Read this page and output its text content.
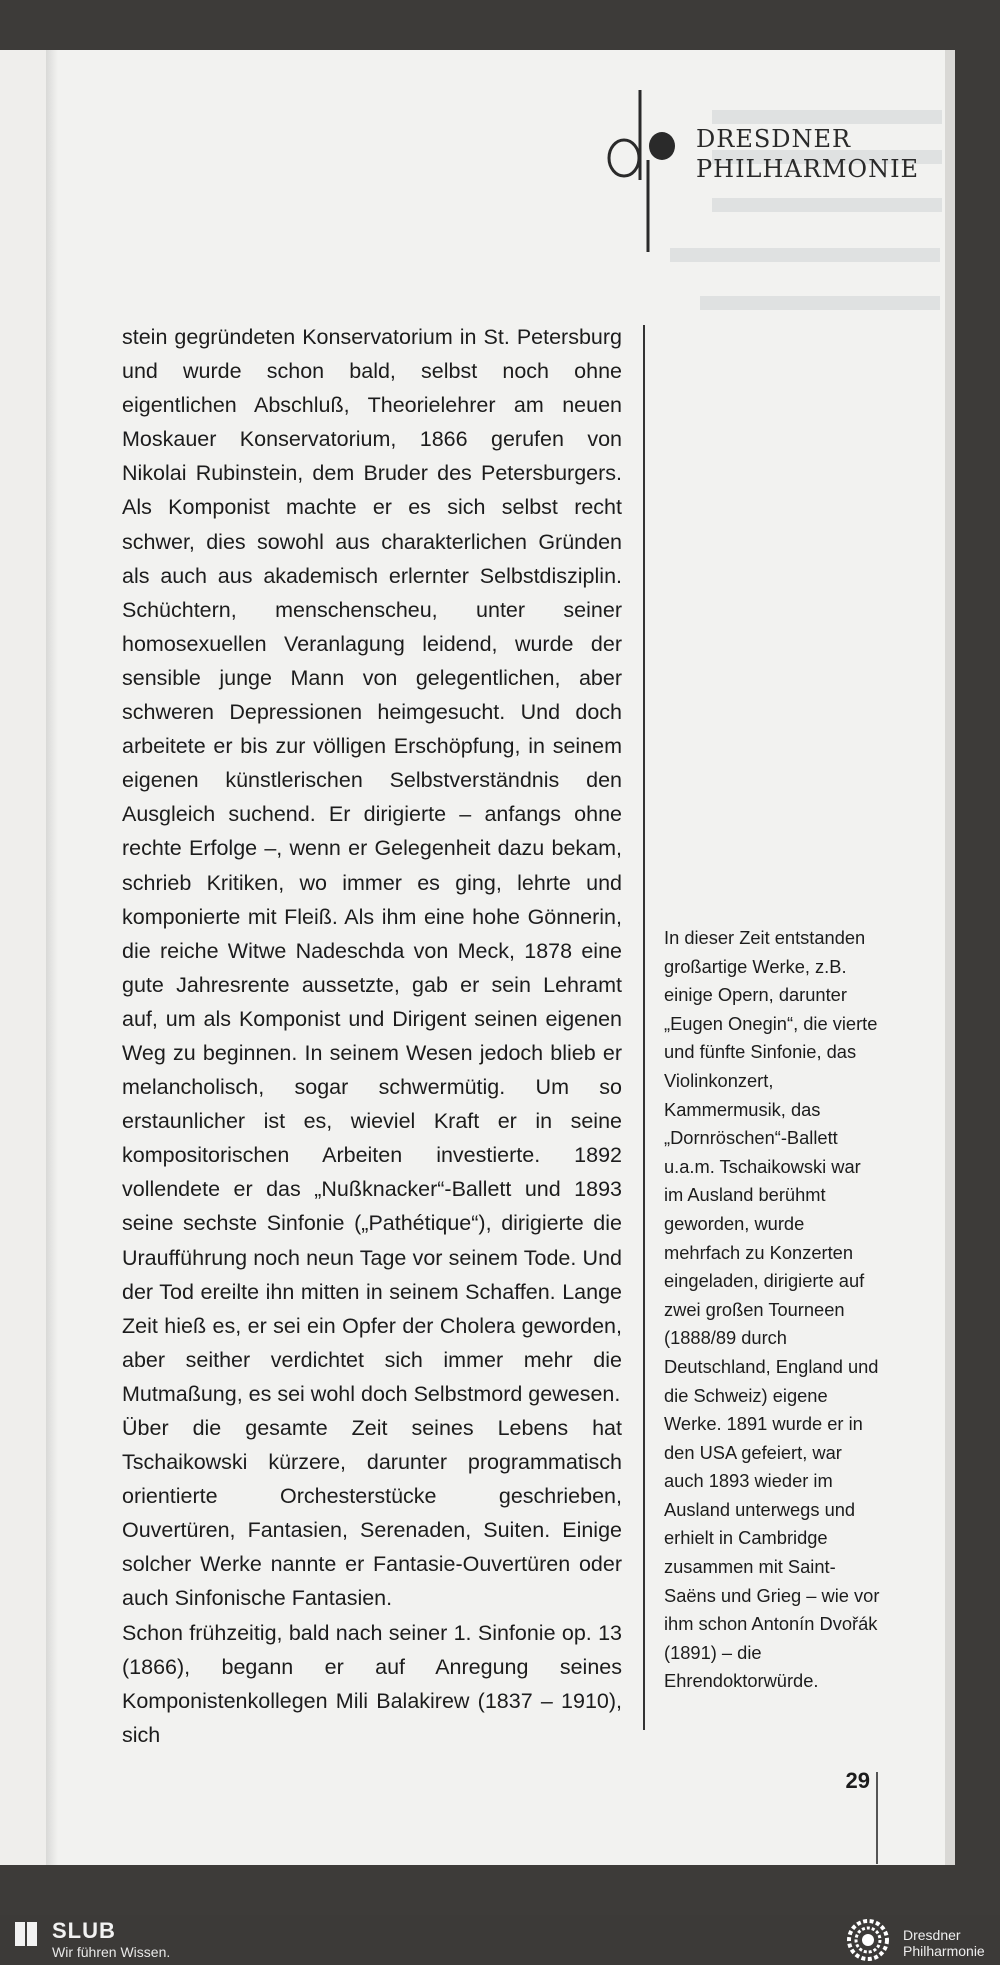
DRESDNER
PHILHARMONIE

stein gegründeten Konservatorium in St. Petersburg und wurde schon bald, selbst noch ohne eigentlichen Abschluß, Theorielehrer am neuen Moskauer Konservatorium, 1866 gerufen von Nikolai Rubinstein, dem Bruder des Petersburgers. Als Komponist machte er es sich selbst recht schwer, dies sowohl aus charakterlichen Gründen als auch aus akademisch erlernter Selbstdisziplin. Schüchtern, menschenscheu, unter seiner homosexuellen Veranlagung leidend, wurde der sensible junge Mann von gelegentlichen, aber schweren Depressionen heimgesucht. Und doch arbeitete er bis zur völligen Erschöpfung, in seinem eigenen künstlerischen Selbstverständnis den Ausgleich suchend. Er dirigierte – anfangs ohne rechte Erfolge –, wenn er Gelegenheit dazu bekam, schrieb Kritiken, wo immer es ging, lehrte und komponierte mit Fleiß. Als ihm eine hohe Gönnerin, die reiche Witwe Nadeschda von Meck, 1878 eine gute Jahresrente aussetzte, gab er sein Lehramt auf, um als Komponist und Dirigent seinen eigenen Weg zu beginnen. In seinem Wesen jedoch blieb er melancholisch, sogar schwermütig. Um so erstaunlicher ist es, wieviel Kraft er in seine kompositorischen Arbeiten investierte. 1892 vollendete er das „Nußknacker“-Ballett und 1893 seine sechste Sinfonie („Pathétique“), dirigierte die Uraufführung noch neun Tage vor seinem Tode. Und der Tod ereilte ihn mitten in seinem Schaffen. Lange Zeit hieß es, er sei ein Opfer der Cholera geworden, aber seither verdichtet sich immer mehr die Mutmaßung, es sei wohl doch Selbstmord gewesen.

Über die gesamte Zeit seines Lebens hat Tschaikowski kürzere, darunter programmatisch orientierte Orchesterstücke geschrieben, Ouvertüren, Fantasien, Serenaden, Suiten. Einige solcher Werke nannte er Fantasie-Ouvertüren oder auch Sinfonische Fantasien.

Schon frühzeitig, bald nach seiner 1. Sinfonie op. 13 (1866), begann er auf Anregung seines Komponistenkollegen Mili Balakirew (1837 – 1910), sich

In dieser Zeit entstanden großartige Werke, z.B. einige Opern, darunter „Eugen Onegin“, die vierte und fünfte Sinfonie, das Violinkonzert, Kammermusik, das „Dornröschen“-Ballett u.a.m. Tschaikowski war im Ausland berühmt geworden, wurde mehrfach zu Konzerten eingeladen, dirigierte auf zwei großen Tourneen (1888/89 durch Deutschland, England und die Schweiz) eigene Werke. 1891 wurde er in den USA gefeiert, war auch 1893 wieder im Ausland unterwegs und erhielt in Cambridge zusammen mit Saint-Saëns und Grieg – wie vor ihm schon Antonín Dvořák (1891) – die Ehrendoktorwürde.
29
SLUB
Wir führen Wissen.
Dresdner
Philharmonie
